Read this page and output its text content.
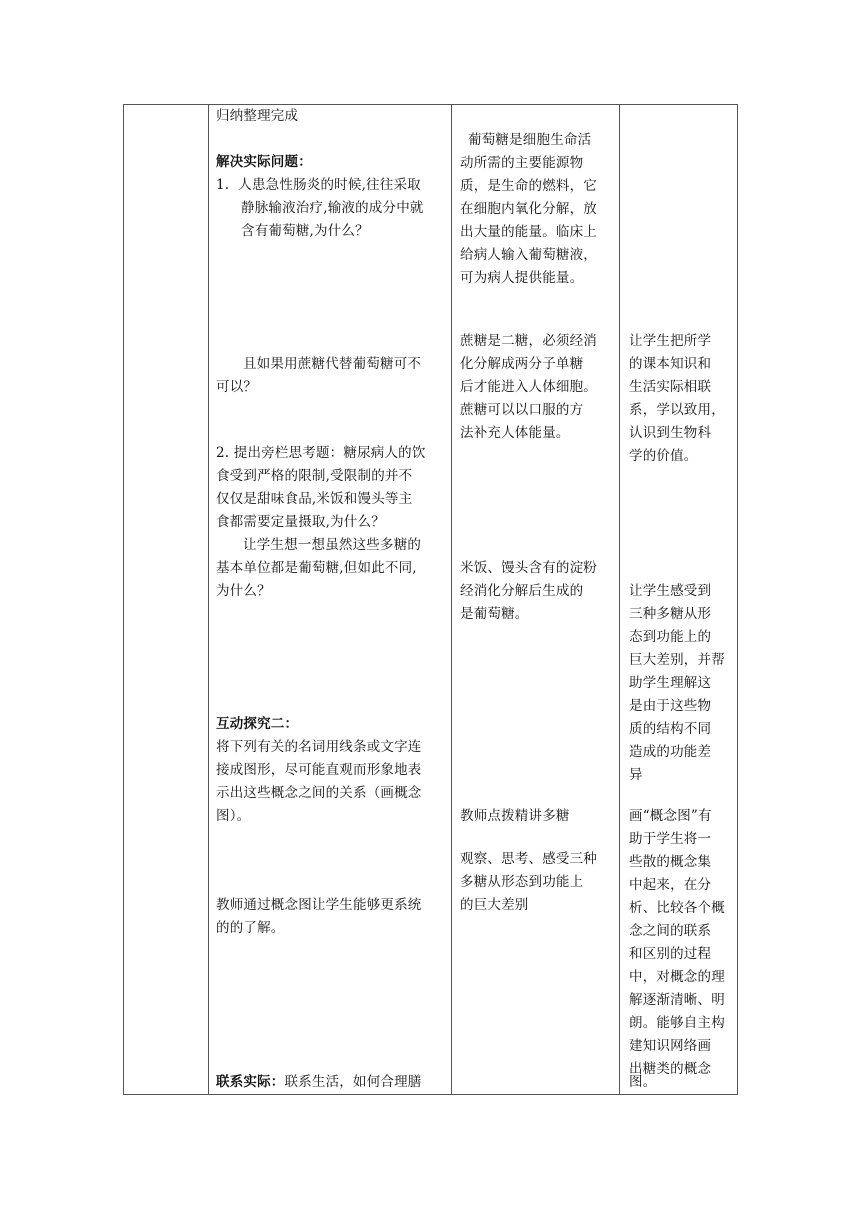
归纳整理完成
解决实际问题：
1.  人患急性肠炎的时候,往往采取
静脉输液治疗,输液的成分中就
含有葡萄糖,为什么？
且如果用蔗糖代替葡萄糖可不
可以？
2. 提出旁栏思考题：糖尿病人的饮
食受到严格的限制,受限制的并不
仅仅是甜味食品,米饭和馒头等主
食都需要定量摄取,为什么？
让学生想一想虽然这些多糖的
基本单位都是葡萄糖,但如此不同,
为什么？
互动探究二：
将下列有关的名词用线条或文字连
接成图形，尽可能直观而形象地表
示出这些概念之间的关系（画概念
图）。
教师通过概念图让学生能够更系统
的的了解。
联系实际：联系生活，如何合理膳
葡萄糖是细胞生命活
动所需的主要能源物
质，是生命的燃料，它
在细胞内氧化分解，放
出大量的能量。临床上
给病人输入葡萄糖液，
可为病人提供能量。
蔗糖是二糖，必须经消
化分解成两分子单糖
后才能进入人体细胞。
蔗糖可以以口服的方
法补充人体能量。
米饭、馒头含有的淀粉
经消化分解后生成的
是葡萄糖。
教师点拨精讲多糖
观察、思考、感受三种
多糖从形态到功能上
的巨大差别
让学生把所学
的课本知识和
生活实际相联
系，学以致用，
认识到生物科
学的价值。
让学生感受到
三种多糖从形
态到功能上的
巨大差别，并帮
助学生理解这
是由于这些物
质的结构不同
造成的功能差
异
画“概念图”有
助于学生将一
些散的概念集
中起来，在分
析、比较各个概
念之间的联系
和区别的过程
中，对概念的理
解逐渐清晰、明
朗。能够自主构
建知识网络画
出糖类的概念
图。
